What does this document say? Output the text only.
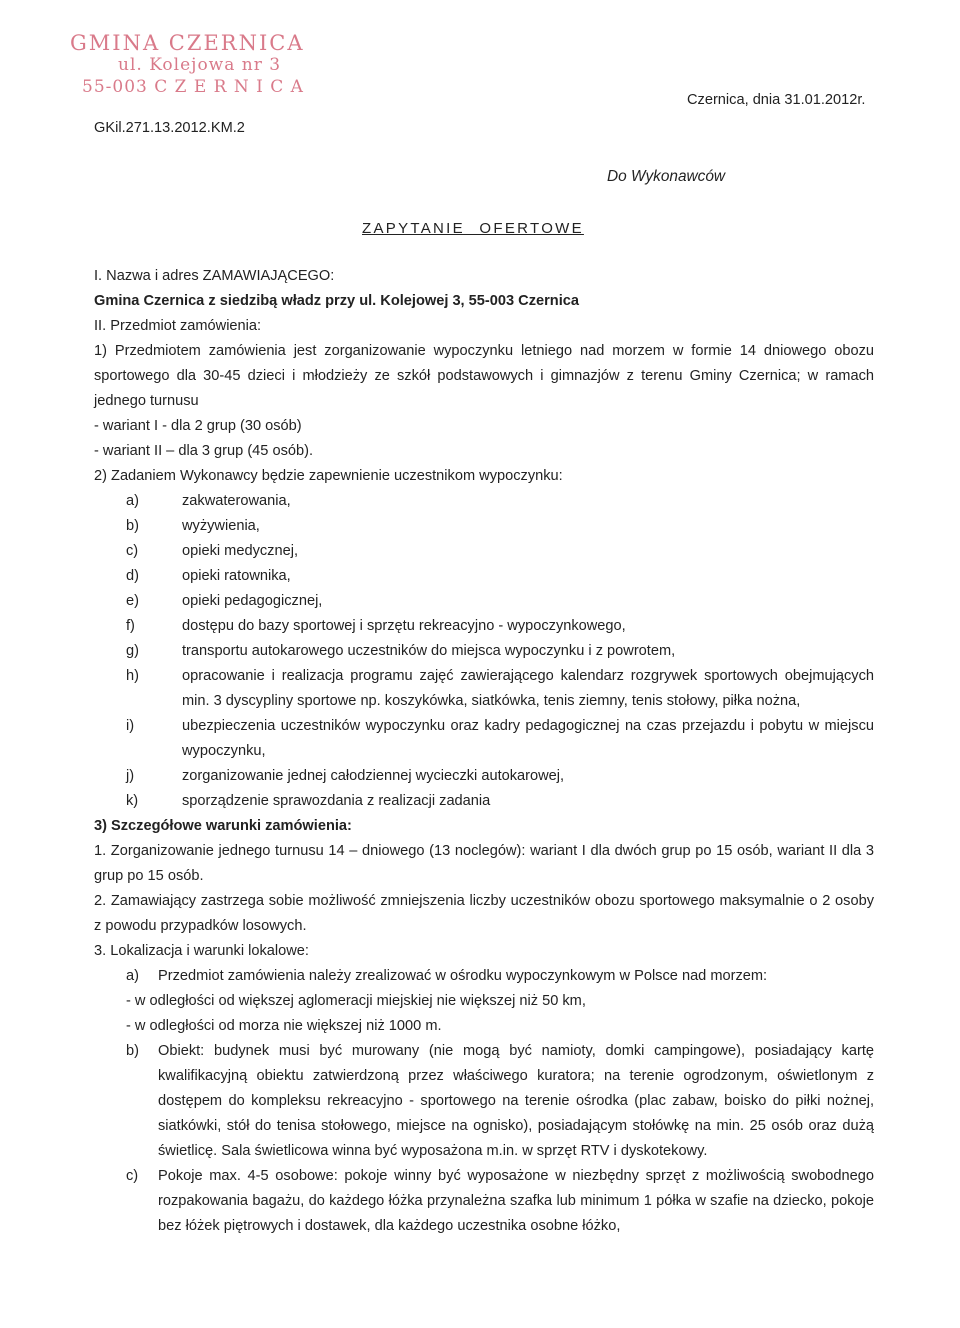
GMINA CZERNICA
ul. Kolejowa nr 3
55-003 C Z E R N I C A
Czernica, dnia 31.01.2012r.
GKil.271.13.2012.KM.2
Do Wykonawców
ZAPYTANIE OFERTOWE

I. Nazwa i adres ZAMAWIAJĄCEGO:

Gmina Czernica z siedzibą władz przy ul. Kolejowej 3, 55-003 Czernica

II. Przedmiot zamówienia:

1) Przedmiotem zamówienia jest zorganizowanie wypoczynku letniego nad morzem w formie 14 dniowego obozu sportowego dla 30-45 dzieci i młodzieży ze szkół podstawowych i gimnazjów z terenu Gminy Czernica; w ramach jednego turnusu

- wariant I - dla 2 grup (30 osób)

- wariant II – dla 3 grup (45 osób).

2) Zadaniem Wykonawcy będzie zapewnienie uczestnikom wypoczynku:

a)	zakwaterowania,

b)	wyżywienia,

c)	opieki medycznej,

d)	opieki ratownika,

e)	opieki pedagogicznej,

f)	dostępu do bazy sportowej i sprzętu rekreacyjno - wypoczynkowego,

g)	transportu autokarowego uczestników do miejsca wypoczynku i z powrotem,

h)	opracowanie i realizacja programu zajęć zawierającego kalendarz rozgrywek sportowych obejmujących min. 3 dyscypliny sportowe np. koszykówka, siatkówka, tenis ziemny, tenis stołowy, piłka nożna,

i)	ubezpieczenia uczestników wypoczynku oraz kadry pedagogicznej na czas przejazdu i pobytu w miejscu wypoczynku,

j)	zorganizowanie jednej całodziennej wycieczki autokarowej,

k)	sporządzenie sprawozdania z realizacji zadania

3) Szczegółowe warunki zamówienia:

1. Zorganizowanie jednego turnusu 14 – dniowego (13 noclegów): wariant I dla dwóch grup po 15 osób, wariant II dla 3 grup po 15 osób.

2. Zamawiający zastrzega sobie możliwość zmniejszenia liczby uczestników obozu sportowego maksymalnie o 2 osoby z powodu przypadków losowych.

3. Lokalizacja i warunki lokalowe:

a) Przedmiot zamówienia należy zrealizować w ośrodku wypoczynkowym w Polsce nad morzem:

- w odległości od większej aglomeracji miejskiej nie większej niż 50 km,

- w odległości od morza nie większej niż 1000 m.

b) Obiekt: budynek musi być murowany (nie mogą być namioty, domki campingowe), posiadający kartę kwalifikacyjną obiektu zatwierdzoną przez właściwego kuratora; na terenie ogrodzonym, oświetlonym z dostępem do kompleksu rekreacyjno - sportowego na terenie ośrodka (plac zabaw, boisko do piłki nożnej, siatkówki, stół do tenisa stołowego, miejsce na ognisko), posiadającym stołówkę na min. 25 osób oraz dużą świetlicę. Sala świetlicowa winna być wyposażona m.in. w sprzęt RTV i dyskotekowy.

c) Pokoje max. 4-5 osobowe: pokoje winny być wyposażone w niezbędny sprzęt z możliwością swobodnego rozpakowania bagażu, do każdego łóżka przynależna szafka lub minimum 1 półka w szafie na dziecko, pokoje bez łóżek piętrowych i dostawek, dla każdego uczestnika osobne łóżko,
